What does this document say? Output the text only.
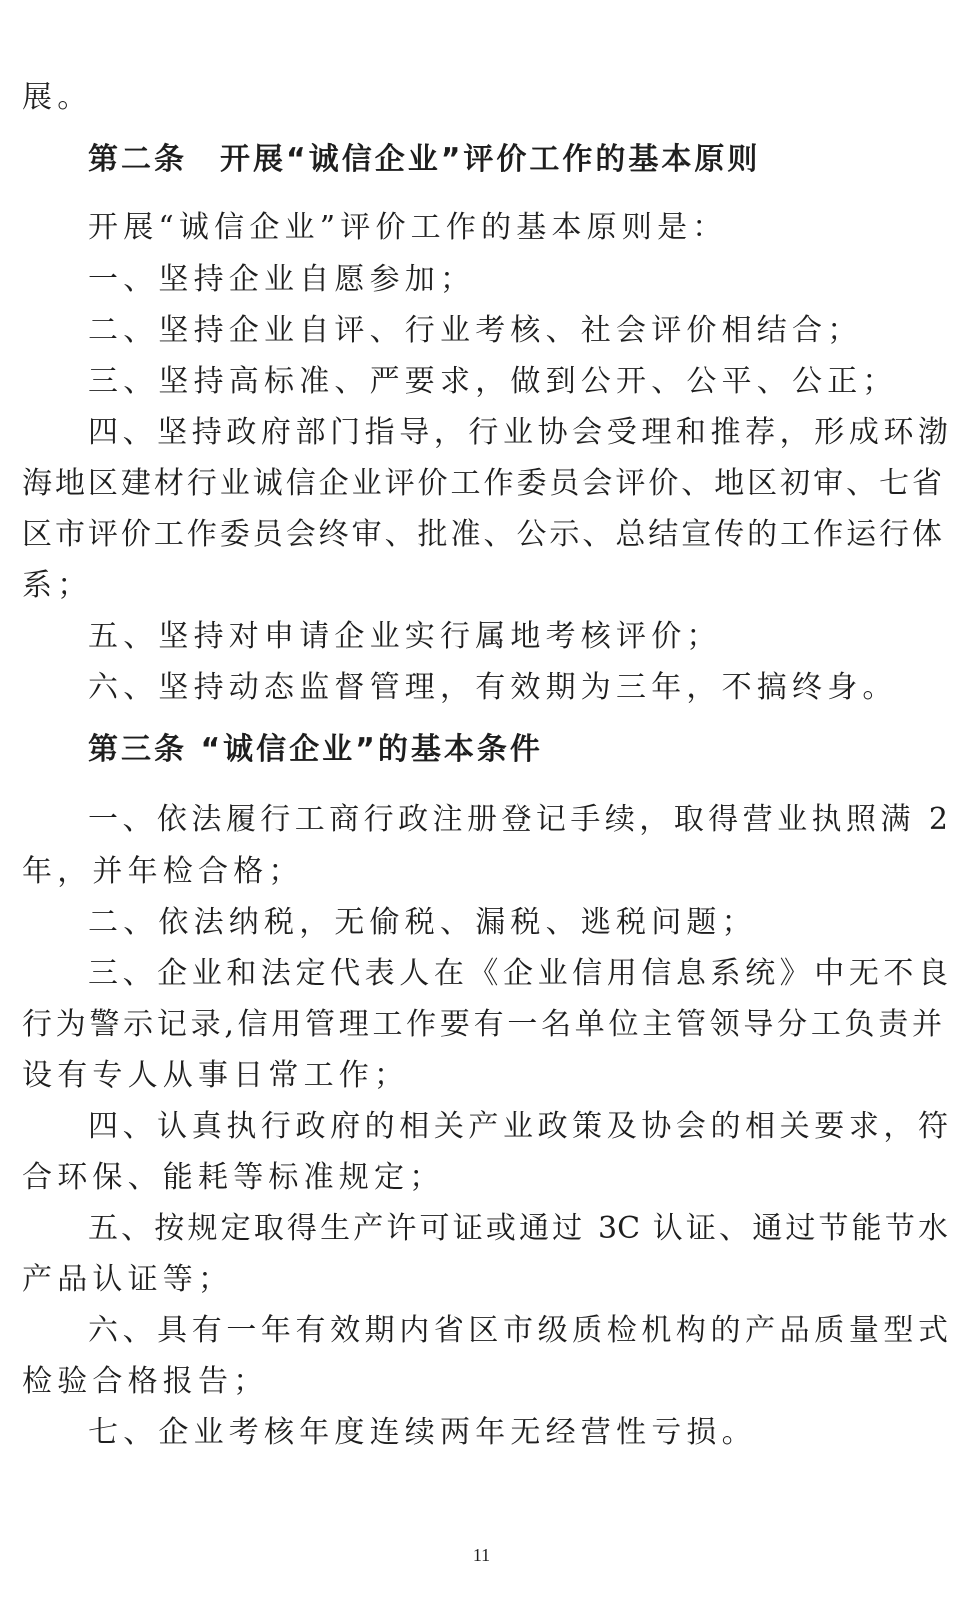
展。
第二条　开展“诚信企业”评价工作的基本原则
开展“诚信企业”评价工作的基本原则是：
一、坚持企业自愿参加；
二、坚持企业自评、行业考核、社会评价相结合；
三、坚持高标准、严要求，做到公开、公平、公正；
四、坚持政府部门指导，行业协会受理和推荐，形成环渤
海地区建材行业诚信企业评价工作委员会评价、地区初审、七省
区市评价工作委员会终审、批准、公示、总结宣传的工作运行体
系；
五、坚持对申请企业实行属地考核评价；
六、坚持动态监督管理，有效期为三年，不搞终身。
第三条 “诚信企业”的基本条件
一、依法履行工商行政注册登记手续，取得营业执照满 2
年，并年检合格；
二、依法纳税，无偷税、漏税、逃税问题；
三、企业和法定代表人在《企业信用信息系统》中无不良
行为警示记录,信用管理工作要有一名单位主管领导分工负责并
设有专人从事日常工作；
四、认真执行政府的相关产业政策及协会的相关要求，符
合环保、能耗等标准规定；
五、按规定取得生产许可证或通过 3C 认证、通过节能节水
产品认证等；
六、具有一年有效期内省区市级质检机构的产品质量型式
检验合格报告；
七、企业考核年度连续两年无经营性亏损。
11
